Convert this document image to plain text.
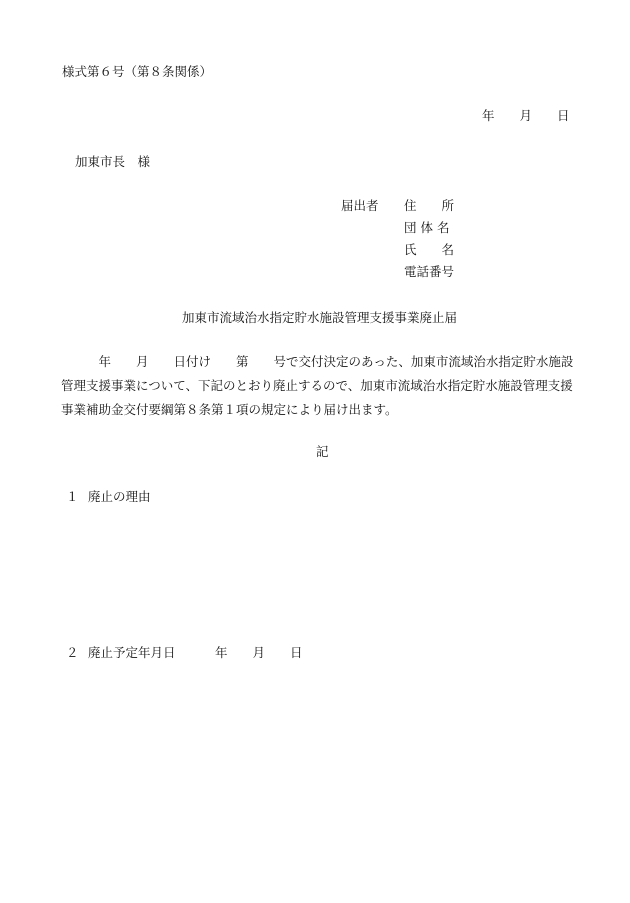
様式第６号（第８条関係）
年　　月　　日
加東市長　様
届出者 住　　所
団 体 名
氏　　名
電話番号
加東市流域治水指定貯水施設管理支援事業廃止届
　　　年　　月　　日付け　　第　　号で交付決定のあった、加東市流域治水指定貯水施設
管理支援事業について、下記のとおり廃止するので、加東市流域治水指定貯水施設管理支援
事業補助金交付要綱第８条第１項の規定により届け出ます。
記
１ 廃止の理由
２ 廃止予定年月日	年　　月　　日
